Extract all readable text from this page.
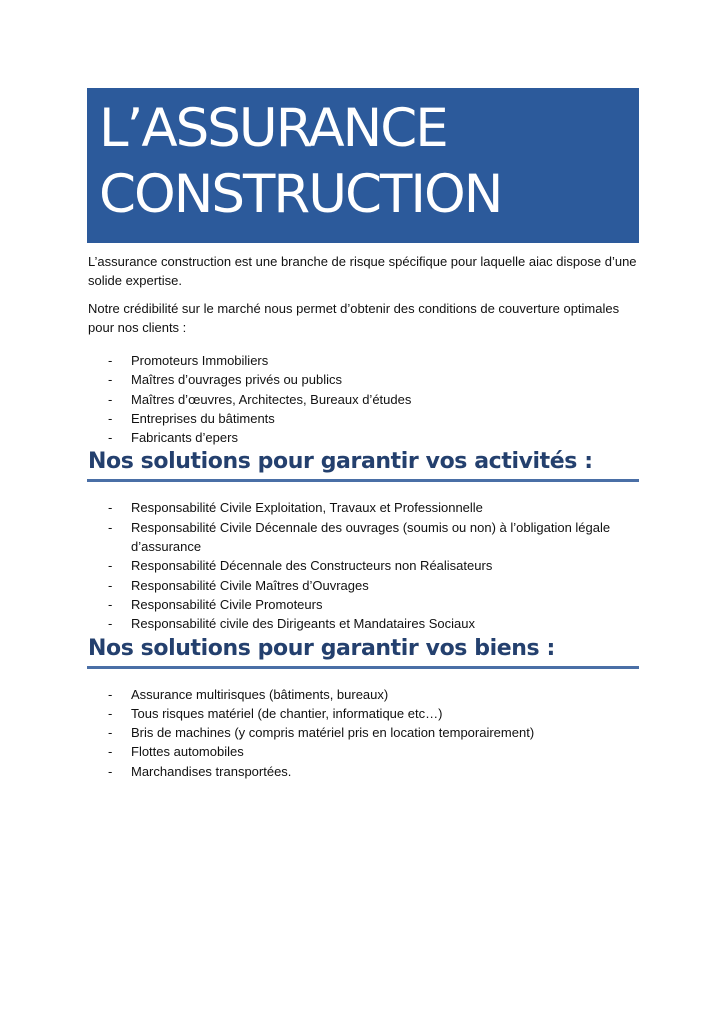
L’ASSURANCE
CONSTRUCTION

L’assurance construction est une branche de risque spécifique pour laquelle aiac dispose d’une solide expertise.

Notre crédibilité sur le marché nous permet d’obtenir des conditions de couverture optimales pour nos clients :

- Promoteurs Immobiliers
- Maîtres d’ouvrages privés ou publics
- Maîtres d’œuvres, Architectes, Bureaux d’études
- Entreprises du bâtiments
- Fabricants d’epers
Nos solutions pour garantir vos activités :
- Responsabilité Civile Exploitation, Travaux et Professionnelle
- Responsabilité Civile Décennale des ouvrages (soumis ou non) à l’obligation légale d’assurance
- Responsabilité Décennale des Constructeurs non Réalisateurs
- Responsabilité Civile Maîtres d’Ouvrages
- Responsabilité Civile Promoteurs
- Responsabilité civile des Dirigeants et Mandataires Sociaux
Nos solutions pour garantir vos biens :
- Assurance multirisques (bâtiments, bureaux)
- Tous risques matériel (de chantier, informatique etc…)
- Bris de machines (y compris matériel pris en location temporairement)
- Flottes automobiles
- Marchandises transportées.
